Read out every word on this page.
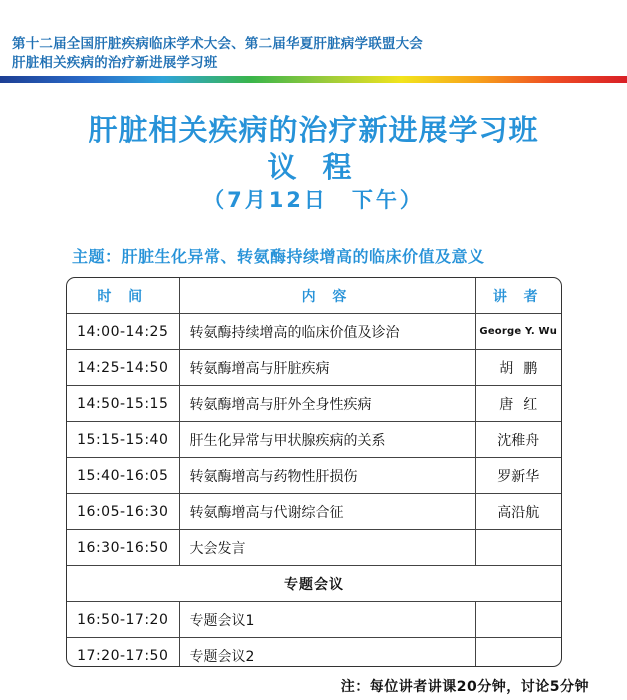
第十二届全国肝脏疾病临床学术大会、第二届华夏肝脏病学联盟大会
肝脏相关疾病的治疗新进展学习班
肝脏相关疾病的治疗新进展学习班
议 程
（7月12日　下午）
主题：肝脏生化异常、转氨酶持续增高的临床价值及意义
时 间	内 容	讲 者
14:00-14:25	转氨酶持续增高的临床价值及诊治	George Y. Wu
14:25-14:50	转氨酶增高与肝脏疾病	胡鹏
14:50-15:15	转氨酶增高与肝外全身性疾病	唐红
15:15-15:40	肝生化异常与甲状腺疾病的关系	沈稚舟
15:40-16:05	转氨酶增高与药物性肝损伤	罗新华
16:05-16:30	转氨酶增高与代谢综合征	高沿航
16:30-16:50	大会发言	
专题会议		
16:50-17:20	专题会议1	
17:20-17:50	专题会议2	
注：每位讲者讲课20分钟，讨论5分钟
